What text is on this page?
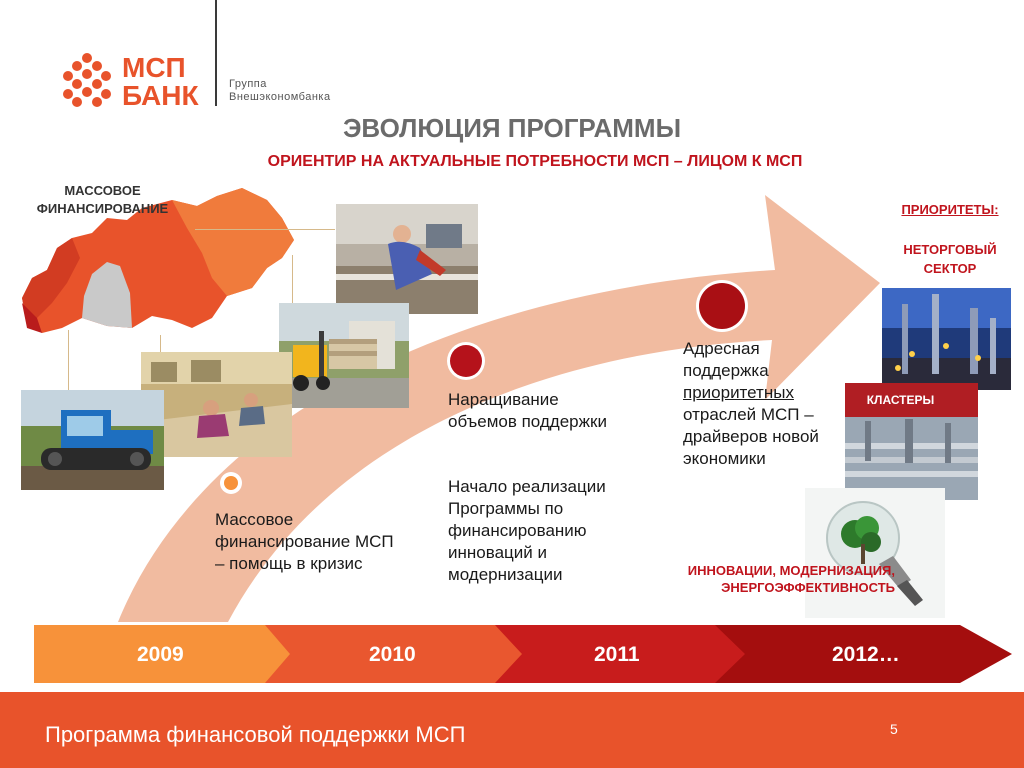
МСП
БАНК	Группа
Внешэкономбанка
ЭВОЛЮЦИЯ ПРОГРАММЫ
ОРИЕНТИР НА АКТУАЛЬНЫЕ ПОТРЕБНОСТИ МСП – ЛИЦОМ К МСП
МАССОВОЕ ФИНАНСИРОВАНИЕ
Массовое финансирование МСП – помощь в кризис
Наращивание объемов поддержки
Начало реализации Программы по финансированию инноваций и модернизации
Адресная поддержка приоритетных отраслей МСП – драйверов новой экономики
ПРИОРИТЕТЫ:
НЕТОРГОВЫЙ СЕКТОР
КЛАСТЕРЫ
ИННОВАЦИИ, МОДЕРНИЗАЦИЯ, ЭНЕРГОЭФФЕКТИВНОСТЬ
2009	2010	2011	2012…
Программа финансовой поддержки МСП	5
